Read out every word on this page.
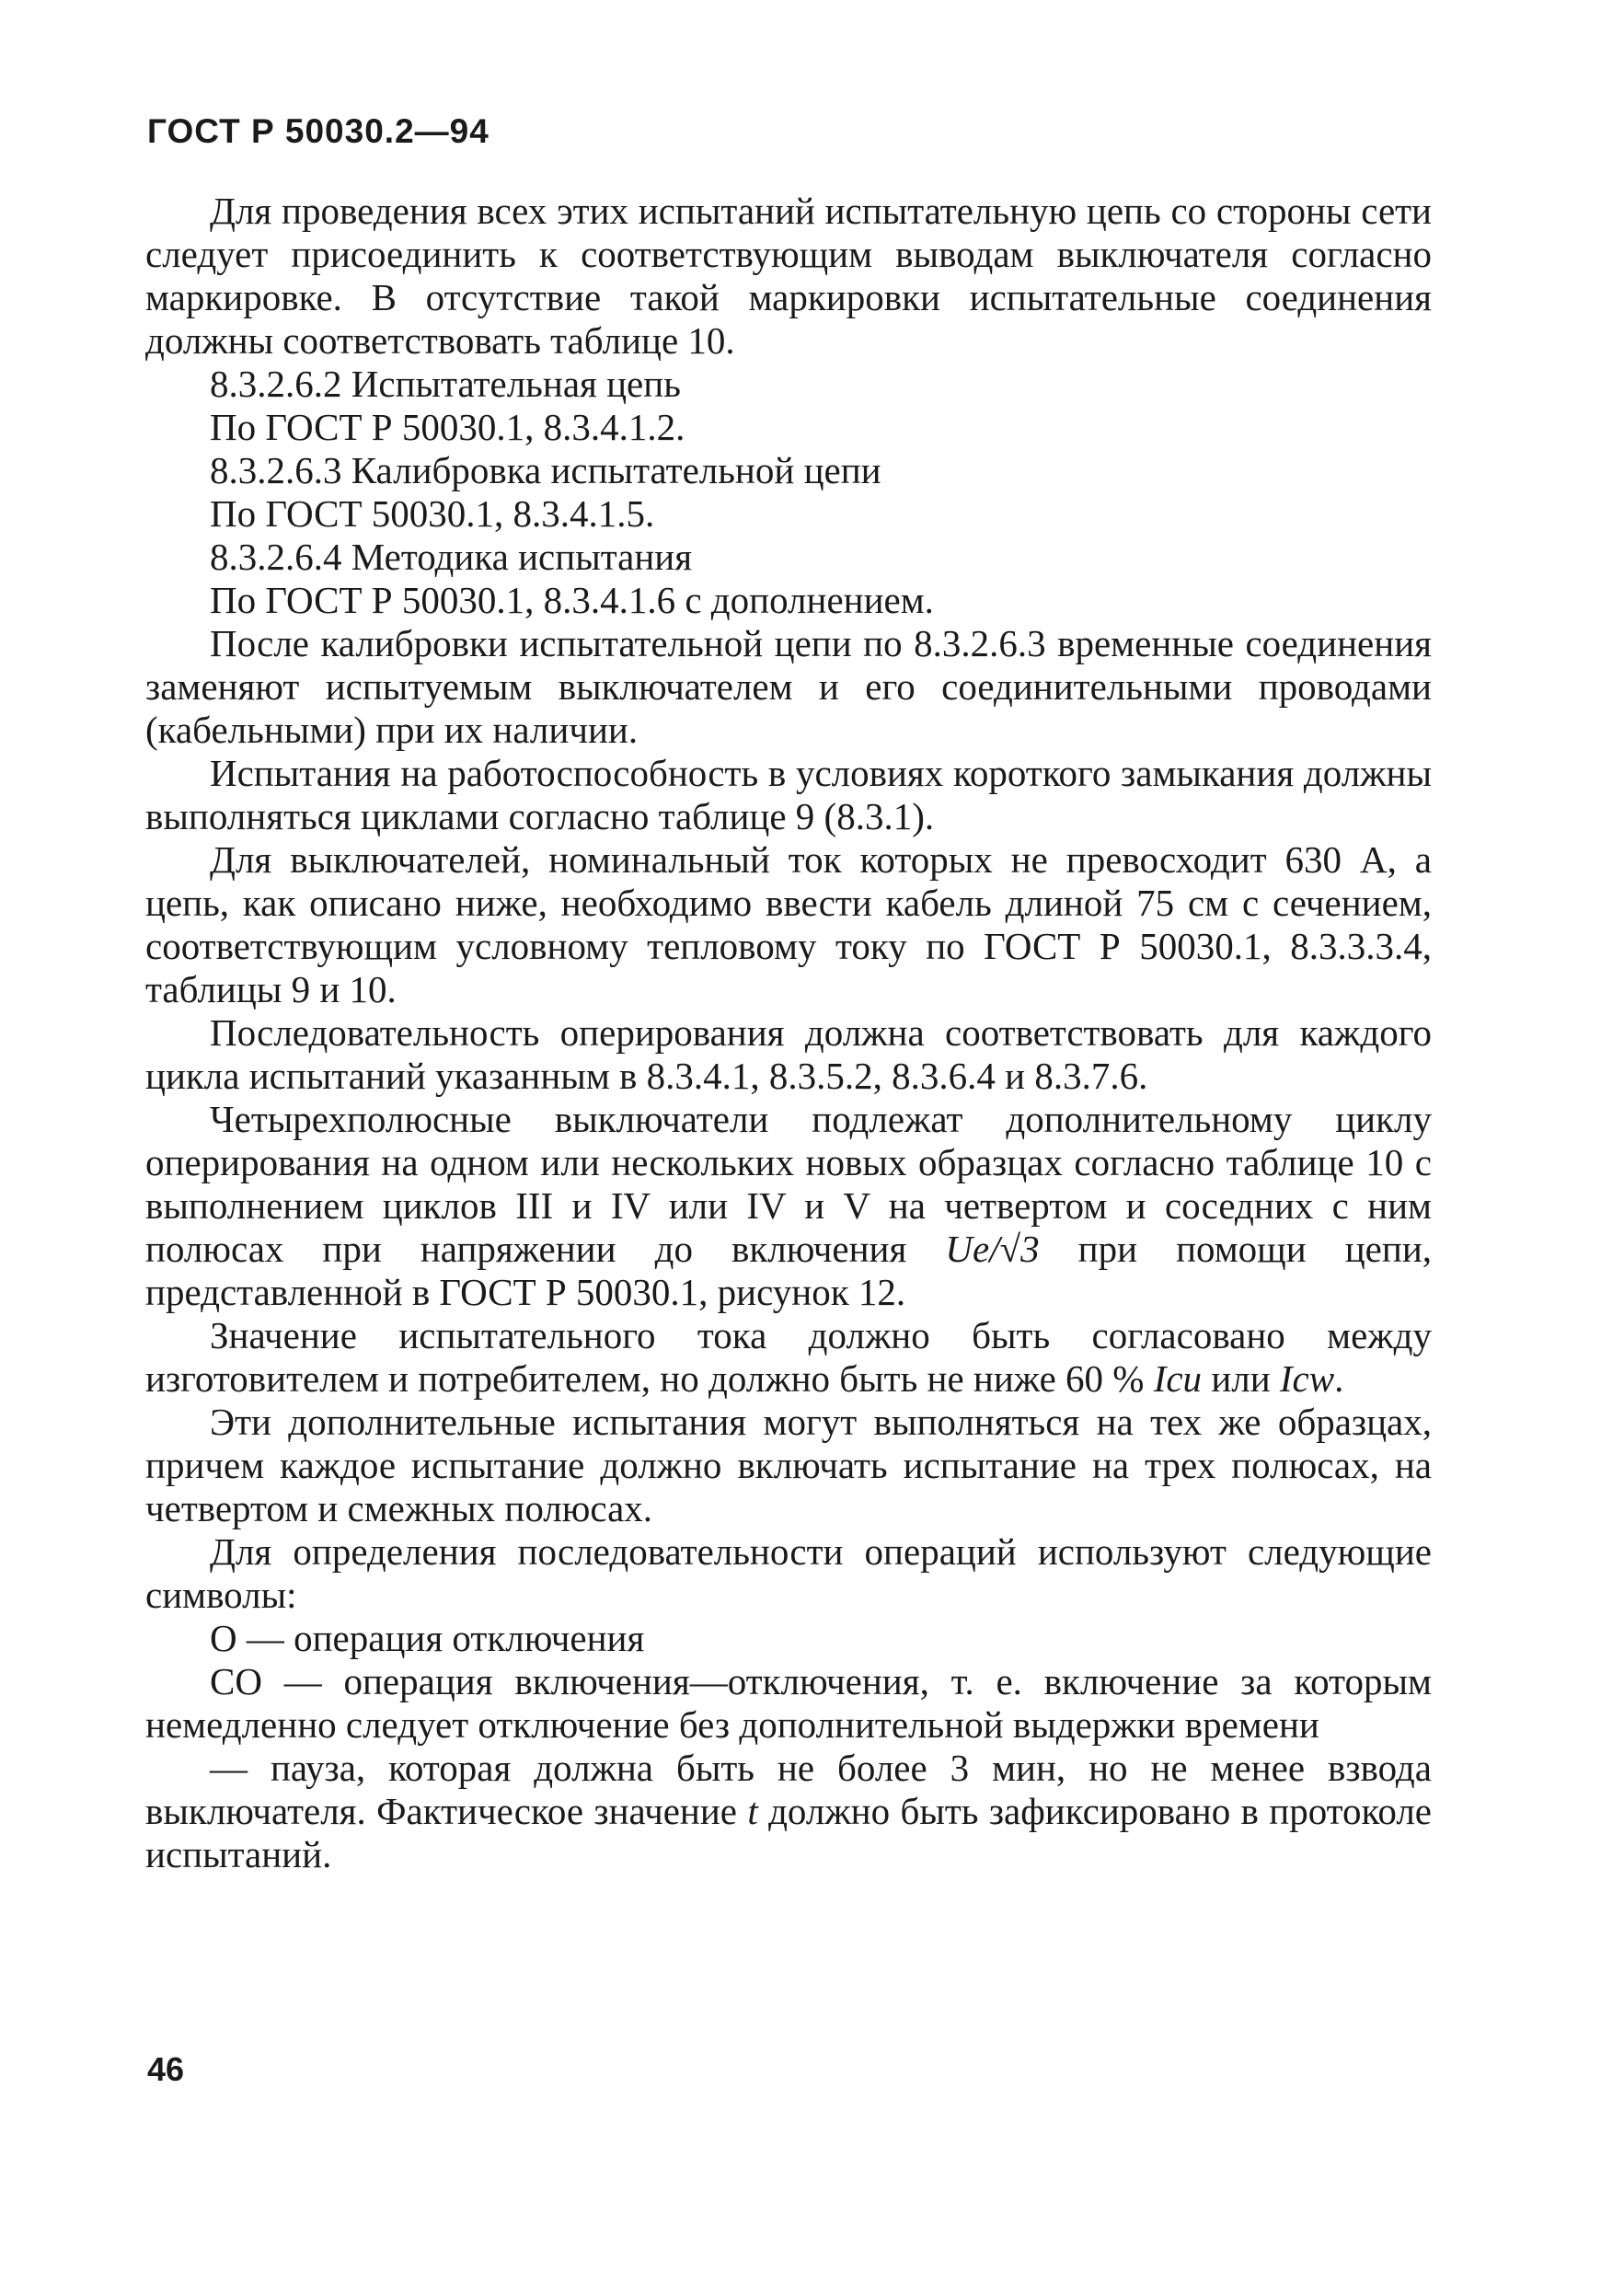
ГОСТ Р 50030.2—94

Для проведения всех этих испытаний испытательную цепь со стороны сети следует присоединить к соответствующим выводам выключателя согласно маркировке. В отсутствие такой маркировки испытательные соединения должны соответствовать таблице 10.

8.3.2.6.2 Испытательная цепь

По ГОСТ Р 50030.1, 8.3.4.1.2.

8.3.2.6.3 Калибровка испытательной цепи

По ГОСТ 50030.1, 8.3.4.1.5.

8.3.2.6.4 Методика испытания

По ГОСТ Р 50030.1, 8.3.4.1.6 с дополнением.

После калибровки испытательной цепи по 8.3.2.6.3 временные соединения заменяют испытуемым выключателем и его соединительными проводами (кабельными) при их наличии.

Испытания на работоспособность в условиях короткого замыкания должны выполняться циклами согласно таблице 9 (8.3.1).

Для выключателей, номинальный ток которых не превосходит 630 А, а цепь, как описано ниже, необходимо ввести кабель длиной 75 см с сечением, соответствующим условному тепловому току по ГОСТ Р 50030.1, 8.3.3.3.4, таблицы 9 и 10.

Последовательность оперирования должна соответствовать для каждого цикла испытаний указанным в 8.3.4.1, 8.3.5.2, 8.3.6.4 и 8.3.7.6.

Четырехполюсные выключатели подлежат дополнительному циклу оперирования на одном или нескольких новых образцах согласно таблице 10 с выполнением циклов III и IV или IV и V на четвертом и соседних с ним полюсах при напряжении до включения Ue/√3 при помощи цепи, представленной в ГОСТ Р 50030.1, рисунок 12.

Значение испытательного тока должно быть согласовано между изготовителем и потребителем, но должно быть не ниже 60 % Icu или Icw.

Эти дополнительные испытания могут выполняться на тех же образцах, причем каждое испытание должно включать испытание на трех полюсах, на четвертом и смежных полюсах.

Для определения последовательности операций используют следующие символы:

О — операция отключения

СО — операция включения—отключения, т. е. включение за которым немедленно следует отключение без дополнительной выдержки времени

— пауза, которая должна быть не более 3 мин, но не менее взвода выключателя. Фактическое значение t должно быть зафиксировано в протоколе испытаний.

46
